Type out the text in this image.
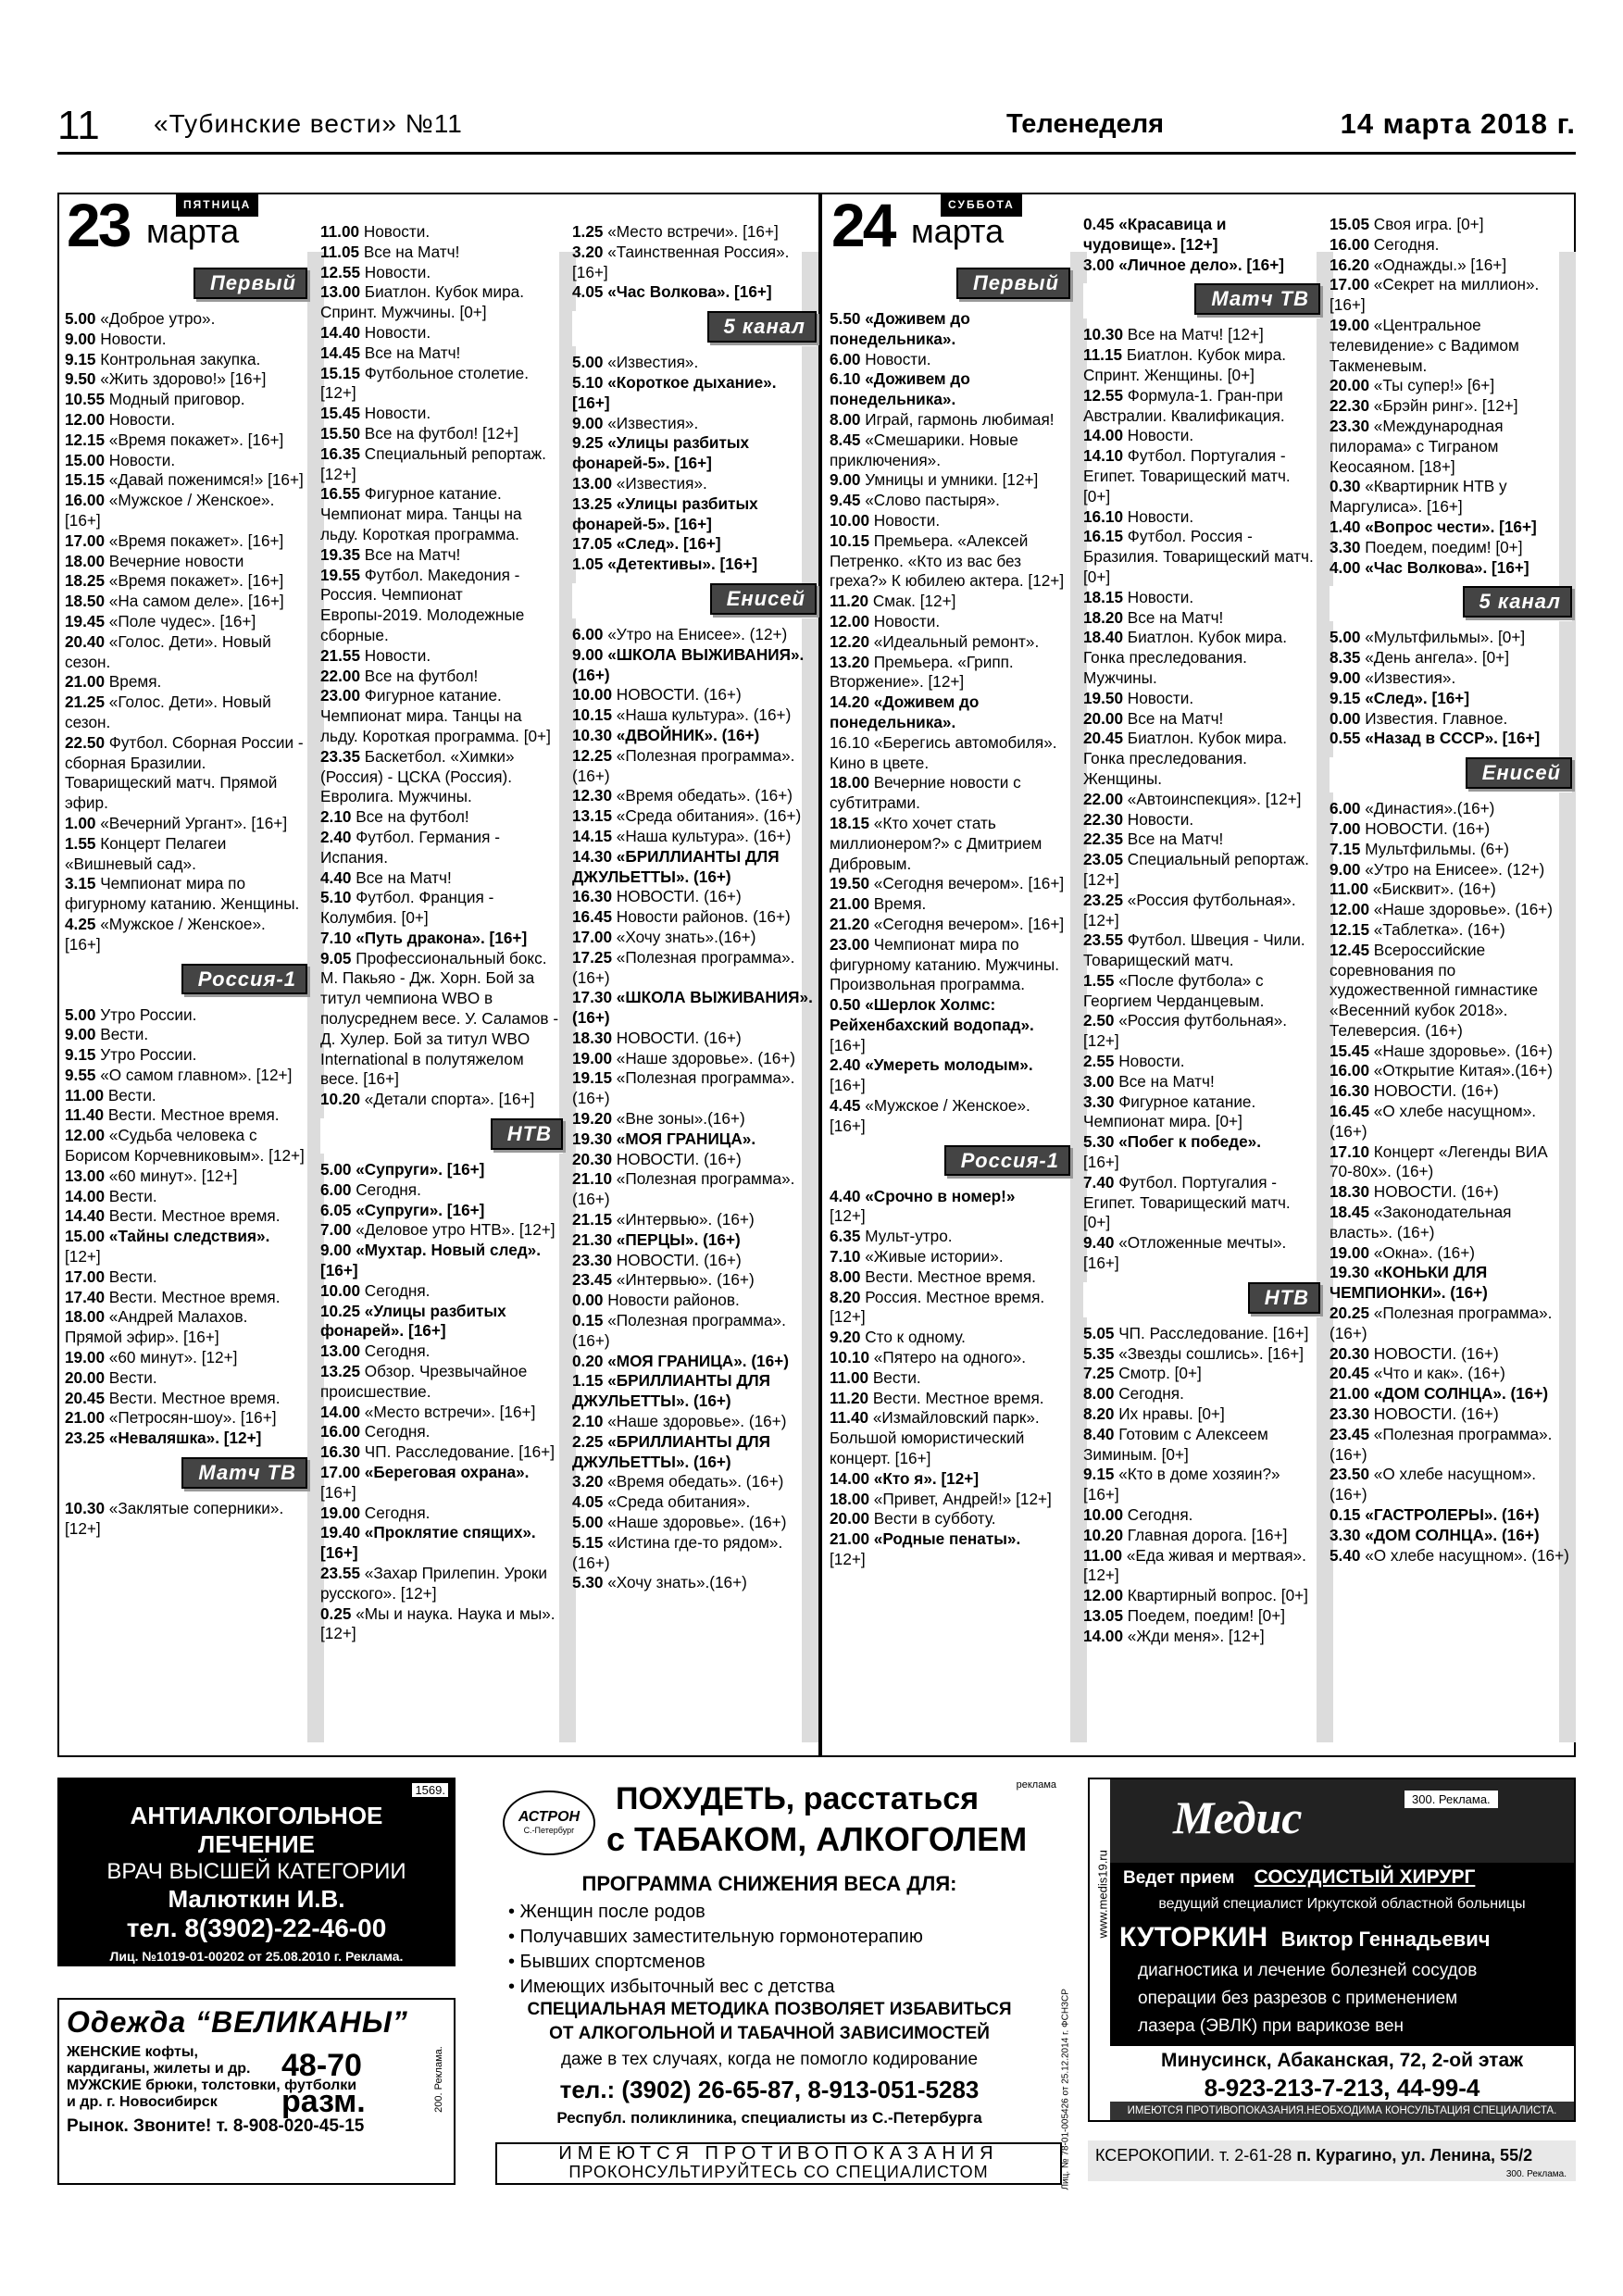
11 «Тубинские вести» №11	Теленеделя	14 марта 2018 г.
23	ПЯТНИЦА
марта
Первый
5.00 «Доброе утро».
9.00 Новости.
9.15 Контрольная закупка.
9.50 «Жить здорово!» [16+]
10.55 Модный приговор.
12.00 Новости.
12.15 «Время покажет». [16+]
15.00 Новости.
15.15 «Давай поженимся!» [16+]
16.00 «Мужское / Женское». [16+]
17.00 «Время покажет». [16+]
18.00 Вечерние новости
18.25 «Время покажет». [16+]
18.50 «На самом деле». [16+]
19.45 «Поле чудес». [16+]
20.40 «Голос. Дети». Новый сезон.
21.00 Время.
21.25 «Голос. Дети». Новый сезон.
22.50 Футбол. Сборная России - сборная Бразилии. Товарищеский матч. Прямой эфир.
1.00 «Вечерний Ургант». [16+]
1.55 Концерт Пелагеи «Вишневый сад».
3.15 Чемпионат мира по фигурному катанию. Женщины.
4.25 «Мужское / Женское». [16+]
Россия-1
5.00 Утро России.
9.00 Вести.
9.15 Утро России.
9.55 «О самом главном». [12+]
11.00 Вести.
11.40 Вести. Местное время.
12.00 «Судьба человека с Борисом Корчевниковым». [12+]
13.00 «60 минут». [12+]
14.00 Вести.
14.40 Вести. Местное время.
15.00 «Тайны следствия».
[12+]
17.00 Вести.
17.40 Вести. Местное время.
18.00 «Андрей Малахов. Прямой эфир». [16+]
19.00 «60 минут». [12+]
20.00 Вести.
20.45 Вести. Местное время.
21.00 «Петросян-шоу». [16+]
23.25 «Неваляшка». [12+]
Матч ТВ
10.30 «Заклятые соперники». [12+]
11.00 Новости.
11.05 Все на Матч!
12.55 Новости.
13.00 Биатлон. Кубок мира. Спринт. Мужчины. [0+]
14.40 Новости.
14.45 Все на Матч!
15.15 Футбольное столетие. [12+]
15.45 Новости.
15.50 Все на футбол! [12+]
16.35 Специальный репортаж. [12+]
16.55 Фигурное катание. Чемпионат мира. Танцы на льду. Короткая программа.
19.35 Все на Матч!
19.55 Футбол. Македония - Россия. Чемпионат Европы-2019. Молодежные сборные.
21.55 Новости.
22.00 Все на футбол!
23.00 Фигурное катание. Чемпионат мира. Танцы на льду. Короткая программа. [0+]
23.35 Баскетбол. «Химки» (Россия) - ЦСКА (Россия). Евролига. Мужчины.
2.10 Все на футбол!
2.40 Футбол. Германия - Испания.
4.40 Все на Матч!
5.10 Футбол. Франция - Колумбия. [0+]
7.10 «Путь дракона». [16+]
9.05 Профессиональный бокс. М. Пакьяо - Дж. Хорн. Бой за титул чемпиона WBO в полусреднем весе. У. Саламов - Д. Хулер. Бой за титул WBO International в полутяжелом весе. [16+]
10.20 «Детали спорта». [16+]
НТВ
5.00 «Супруги». [16+]
6.00 Сегодня.
6.05 «Супруги». [16+]
7.00 «Деловое утро НТВ». [12+]
9.00 «Мухтар. Новый след». [16+]
10.00 Сегодня.
10.25 «Улицы разбитых фонарей». [16+]
13.00 Сегодня.
13.25 Обзор. Чрезвычайное происшествие.
14.00 «Место встречи». [16+]
16.00 Сегодня.
16.30 ЧП. Расследование. [16+]
17.00 «Береговая охрана».
[16+]
19.00 Сегодня.
19.40 «Проклятие спящих». [16+]
23.55 «Захар Прилепин. Уроки русского». [12+]
0.25 «Мы и наука. Наука и мы». [12+]
1.25 «Место встречи». [16+]
3.20 «Таинственная Россия». [16+]
4.05 «Час Волкова». [16+]
5 канал
5.00 «Известия».
5.10 «Короткое дыхание». [16+]
9.00 «Известия».
9.25 «Улицы разбитых фонарей-5». [16+]
13.00 «Известия».
13.25 «Улицы разбитых фонарей-5». [16+]
17.05 «След». [16+]
1.05 «Детективы». [16+]
Енисей
6.00 «Утро на Енисее». (12+)
9.00 «ШКОЛА ВЫЖИВАНИЯ». (16+)
10.00 НОВОСТИ. (16+)
10.15 «Наша культура». (16+)
10.30 «ДВОЙНИК». (16+)
12.25 «Полезная программа». (16+)
12.30 «Время обедать». (16+)
13.15 «Среда обитания». (16+)
14.15 «Наша культура». (16+)
14.30 «БРИЛЛИАНТЫ ДЛЯ ДЖУЛЬЕТТЫ». (16+)
16.30 НОВОСТИ. (16+)
16.45 Новости районов. (16+)
17.00 «Хочу знать».(16+)
17.25 «Полезная программа». (16+)
17.30 «ШКОЛА ВЫЖИВАНИЯ». (16+)
18.30 НОВОСТИ. (16+)
19.00 «Наше здоровье». (16+)
19.15 «Полезная программа». (16+)
19.20 «Вне зоны».(16+)
19.30 «МОЯ ГРАНИЦА».
20.30 НОВОСТИ. (16+)
21.10 «Полезная программа». (16+)
21.15 «Интервью». (16+)
21.30 «ПЕРЦЫ». (16+)
23.30 НОВОСТИ. (16+)
23.45 «Интервью». (16+)
0.00 Новости районов.
0.15 «Полезная программа». (16+)
0.20 «МОЯ ГРАНИЦА». (16+)
1.15 «БРИЛЛИАНТЫ ДЛЯ ДЖУЛЬЕТТЫ». (16+)
2.10 «Наше здоровье». (16+)
2.25 «БРИЛЛИАНТЫ ДЛЯ ДЖУЛЬЕТТЫ». (16+)
3.20 «Время обедать». (16+)
4.05 «Среда обитания».
5.00 «Наше здоровье». (16+)
5.15 «Истина где-то рядом».(16+)
5.30 «Хочу знать».(16+)
24	СУББОТА
марта
Первый
5.50 «Доживем до понедельника».
6.00 Новости.
6.10 «Доживем до понедельника».
8.00 Играй, гармонь любимая!
8.45 «Смешарики. Новые приключения».
9.00 Умницы и умники. [12+]
9.45 «Слово пастыря».
10.00 Новости.
10.15 Премьера. «Алексей Петренко. «Кто из вас без греха?» К юбилею актера. [12+]
11.20 Смак. [12+]
12.00 Новости.
12.20 «Идеальный ремонт».
13.20 Премьера. «Грипп. Вторжение». [12+]
14.20 «Доживем до понедельника».
16.10 «Берегись автомобиля». Кино в цвете.
18.00 Вечерние новости с субтитрами.
18.15 «Кто хочет стать миллионером?» с Дмитрием Дибровым.
19.50 «Сегодня вечером». [16+]
21.00 Время.
21.20 «Сегодня вечером». [16+]
23.00 Чемпионат мира по фигурному катанию. Мужчины. Произвольная программа.
0.50 «Шерлок Холмс: Рейхенбахский водопад».
[16+]
2.40 «Умереть молодым».
[16+]
4.45 «Мужское / Женское». [16+]
Россия-1
4.40 «Срочно в номер!»
[12+]
6.35 Мульт-утро.
7.10 «Живые истории».
8.00 Вести. Местное время.
8.20 Россия. Местное время. [12+]
9.20 Сто к одному.
10.10 «Пятеро на одного».
11.00 Вести.
11.20 Вести. Местное время.
11.40 «Измайловский парк». Большой юмористический концерт. [16+]
14.00 «Кто я». [12+]
18.00 «Привет, Андрей!» [12+]
20.00 Вести в субботу.
21.00 «Родные пенаты».
[12+]
0.45 «Красавица и чудовище». [12+]
3.00 «Личное дело». [16+]
Матч ТВ
10.30 Все на Матч! [12+]
11.15 Биатлон. Кубок мира. Спринт. Женщины. [0+]
12.55 Формула-1. Гран-при Австралии. Квалификация.
14.00 Новости.
14.10 Футбол. Португалия - Египет. Товарищеский матч. [0+]
16.10 Новости.
16.15 Футбол. Россия - Бразилия. Товарищеский матч. [0+]
18.15 Новости.
18.20 Все на Матч!
18.40 Биатлон. Кубок мира. Гонка преследования. Мужчины.
19.50 Новости.
20.00 Все на Матч!
20.45 Биатлон. Кубок мира. Гонка преследования. Женщины.
22.00 «Автоинспекция». [12+]
22.30 Новости.
22.35 Все на Матч!
23.05 Специальный репортаж. [12+]
23.25 «Россия футбольная». [12+]
23.55 Футбол. Швеция - Чили. Товарищеский матч.
1.55 «После футбола» с Георгием Черданцевым.
2.50 «Россия футбольная». [12+]
2.55 Новости.
3.00 Все на Матч!
3.30 Фигурное катание. Чемпионат мира. [0+]
5.30 «Побег к победе».
[16+]
7.40 Футбол. Португалия - Египет. Товарищеский матч. [0+]
9.40 «Отложенные мечты». [16+]
НТВ
5.05 ЧП. Расследование. [16+]
5.35 «Звезды сошлись». [16+]
7.25 Смотр. [0+]
8.00 Сегодня.
8.20 Их нравы. [0+]
8.40 Готовим с Алексеем Зиминым. [0+]
9.15 «Кто в доме хозяин?» [16+]
10.00 Сегодня.
10.20 Главная дорога. [16+]
11.00 «Еда живая и мертвая». [12+]
12.00 Квартирный вопрос. [0+]
13.05 Поедем, поедим! [0+]
14.00 «Жди меня». [12+]
15.05 Своя игра. [0+]
16.00 Сегодня.
16.20 «Однажды.» [16+]
17.00 «Секрет на миллион». [16+]
19.00 «Центральное телевидение» с Вадимом Такменевым.
20.00 «Ты супер!» [6+]
22.30 «Брэйн ринг». [12+]
23.30 «Международная пилорама» с Тиграном Кеосаяном. [18+]
0.30 «Квартирник НТВ у Маргулиса». [16+]
1.40 «Вопрос чести». [16+]
3.30 Поедем, поедим! [0+]
4.00 «Час Волкова». [16+]
5 канал
5.00 «Мультфильмы». [0+]
8.35 «День ангела». [0+]
9.00 «Известия».
9.15 «След». [16+]
0.00 Известия. Главное.
0.55 «Назад в СССР». [16+]
Енисей
6.00 «Династия».(16+)
7.00 НОВОСТИ. (16+)
7.15 Мультфильмы. (6+)
9.00 «Утро на Енисее». (12+)
11.00 «Бисквит». (16+)
12.00 «Наше здоровье». (16+)
12.15 «Таблетка». (16+)
12.45 Всероссийские соревнования по художественной гимнастике «Весенний кубок 2018». Телеверсия. (16+)
15.45 «Наше здоровье». (16+)
16.00 «Открытие Китая».(16+)
16.30 НОВОСТИ. (16+)
16.45 «О хлебе насущном». (16+)
17.10 Концерт «Легенды ВИА 70-80х». (16+)
18.30 НОВОСТИ. (16+)
18.45 «Законодательная власть». (16+)
19.00 «Окна». (16+)
19.30 «КОНЬКИ ДЛЯ ЧЕМПИОНКИ». (16+)
20.25 «Полезная программа». (16+)
20.30 НОВОСТИ. (16+)
20.45 «Что и как». (16+)
21.00 «ДОМ СОЛНЦА». (16+)
23.30 НОВОСТИ. (16+)
23.45 «Полезная программа». (16+)
23.50 «О хлебе насущном». (16+)
0.15 «ГАСТРОЛЕРЫ». (16+)
3.30 «ДОМ СОЛНЦА». (16+)
5.40 «О хлебе насущном». (16+)
1569.
АНТИАЛКОГОЛЬНОЕ
ЛЕЧЕНИЕ
ВРАЧ ВЫСШЕЙ КАТЕГОРИИ
Малюткин И.В.
тел. 8(3902)-22-46-00
Лиц. №1019-01-00202 от 25.08.2010 г. Реклама.
Одежда “ВЕЛИКАНЫ”
ЖЕНСКИЕ кофты,
кардиганы, жилеты и др. 48-70 разм.
МУЖСКИЕ брюки, толстовки, футболки
и др. г. Новосибирск
Рынок. Звоните! т. 8-908-020-45-15
200. Реклама.
АСТРОН
С.-Петербург
реклама
ПОХУДЕТЬ, расстаться
с ТАБАКОМ, АЛКОГОЛЕМ
ПРОГРАММА СНИЖЕНИЯ ВЕСА ДЛЯ:
• Женщин после родов
• Получавших заместительную гормонотерапию
• Бывших спортсменов
• Имеющих избыточный вес с детства
СПЕЦИАЛЬНАЯ МЕТОДИКА ПОЗВОЛЯЕТ ИЗБАВИТЬСЯ
ОТ АЛКОГОЛЬНОЙ И ТАБАЧНОЙ ЗАВИСИМОСТЕЙ
даже в тех случаях, когда не помогло кодирование
тел.: (3902) 26-65-87, 8-913-051-5283
Республ. поликлиника, специалисты из С.-Петербурга	Лиц. № 78-01-005426 от 25.12.2014 г. ФСНЗСР
ИМЕЮТСЯ ПРОТИВОПОКАЗАНИЯ
ПРОКОНСУЛЬТИРУЙТЕСЬ СО СПЕЦИАЛИСТОМ
www.medis19.ru
Медис	300. Реклама.
Ведет прием СОСУДИСТЫЙ ХИРУРГ
ведущий специалист Иркутской областной больницы
КУТОРКИН Виктор Геннадьевич
диагностика и лечение болезней сосудов
операции без разрезов с применением
лазера (ЭВЛК) при варикозе вен
Минусинск, Абаканская, 72, 2-ой этаж
8-923-213-7-213, 44-99-4
ИМЕЮТСЯ ПРОТИВОПОКАЗАНИЯ.НЕОБХОДИМА КОНСУЛЬТАЦИЯ СПЕЦИАЛИСТА.
КСЕРОКОПИИ. т. 2-61-28 п. Курагино, ул. Ленина, 55/2
300. Реклама.
